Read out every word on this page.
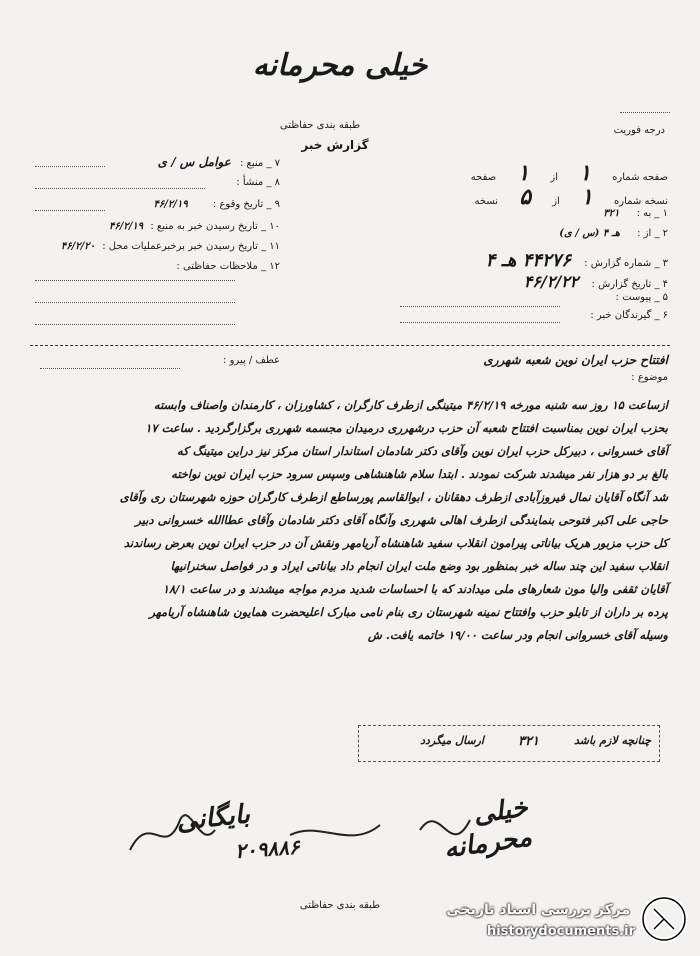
خیلی محرمانه
طبقه بندی حفاظتی
گزارش خبر
درجه فوریت
۷ _ منبع : عوامل س / ی
۸ _ منشأ :
۹ _ تاریخ وقوع : ۴۶/۲/۱۹
۱۰ _ تاریخ رسیدن خبر به منبع : ۴۶/۲/۱۹
۱۱ _ تاریخ رسیدن خبر برخبرعملیات محل : ۴۶/۲/۲۰
۱۲ _ ملاحظات حفاظتی :
صفحه شماره ۱ از ۱ صفحه
نسخه شماره ۱ از ۵ نسخه
۱ _ به : ۳۲۱
۲ _ از : هـ ۴ (س / ی)
۳ _ شماره گزارش : ۴۴۲۷۶ هـ ۴
۴ _ تاریخ گزارش : ۴۶/۲/۲۲
۵ _ پیوست :
۶ _ گیرندگان خبر :
افتتاح حزب ایران نوین شعبه شهرری
موضوع :
عطف / پیرو :
ازساعت ۱۵ روز سه شنبه مورخه ۴۶/۲/۱۹ میتینگی ازطرف کارگران ، کشاورزان ، کارمندان واصناف وابسته
بحزب ایران نوین بمناسبت افتتاح شعبه آن حزب درشهرری درمیدان مجسمه شهرری برگزارگردید . ساعت ۱۷
آقای خسروانی ، دبیرکل حزب ایران نوین وآقای دکتر شادمان استاندار استان مرکز نیز دراین میتینگ که
بالغ بر دو هزار نفر میشدند شرکت نمودند . ابتدا سلام شاهنشاهی وسپس سرود حزب ایران نوین نواخته
شد آنگاه آقایان نمال فیروزآبادی ازطرف دهقانان ، ابوالقاسم پورساطع ازطرف کارگران حوزه شهرستان ری وآقای
حاجی علی اکبر فتوحی بنمایندگی ازطرف اهالی شهرری وآنگاه آقای دکتر شادمان وآقای عطاالله خسروانی دبیر
کل حزب مزبور هریک بیاناتی پیرامون انقلاب سفید شاهنشاه آریامهر ونقش آن در حزب ایران نوین بعرض رساندند
انقلاب سفید این چند ساله خبر بمنظور بود وضع ملت ایران انجام داد بیاناتی ایراد و در فواصل سخنرانیها
آقایان ثقفی والیا مون شعارهای ملی میدادند که با احساسات شدید مردم مواجه میشدند و در ساعت ۱۸/۱
پرده بر داران از تابلو حزب وافتتاح نمینه شهرستان ری بنام نامی مبارک اعلیحضرت همایون شاهنشاه آریامهر
وسیله آقای خسروانی انجام ودر ساعت ۱۹/۰۰ خاتمه یافت. ش
چنانچه لازم باشد
۳۲۱
ارسال میگردد
خیلی محرمانه
بایگانی
۲۰۹۸۸۶
طبقه بندی حفاظتی	مرکز بررسی اسناد تاریخی
historydocuments.ir
